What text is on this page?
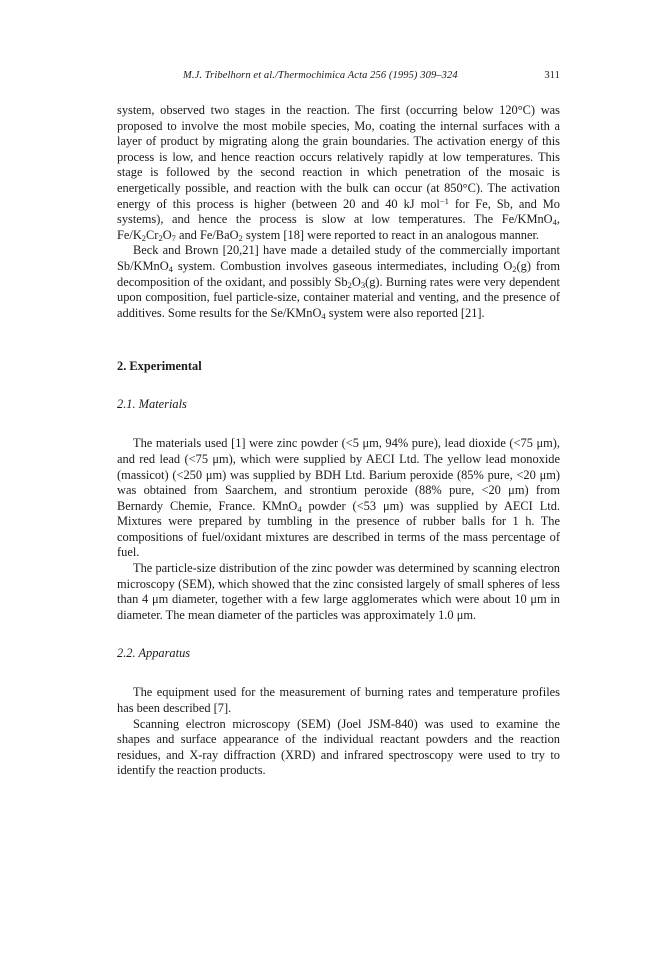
M.J. Tribelhorn et al./Thermochimica Acta 256 (1995) 309–324	311

system, observed two stages in the reaction. The first (occurring below 120°C) was proposed to involve the most mobile species, Mo, coating the internal surfaces with a layer of product by migrating along the grain boundaries. The activation energy of this process is low, and hence reaction occurs relatively rapidly at low temperatures. This stage is followed by the second reaction in which penetration of the mosaic is energetically possible, and reaction with the bulk can occur (at 850°C). The activation energy of this process is higher (between 20 and 40 kJ mol$^{-1}$ for Fe, Sb, and Mo systems), and hence the process is slow at low temperatures. The Fe/KMnO$_4$, $Fe/K_2Cr_2O_7$ and Fe/BaO$_2$ system [18] were reported to react in an analogous manner.

Beck and Brown [20,21] have made a detailed study of the commercially important Sb/KMnO$_4$ system. Combustion involves gaseous intermediates, including $O_2(g)$ from decomposition of the oxidant, and possibly $Sb_2O_3(g)$. Burning rates were very dependent upon composition, fuel particle-size, container material and venting, and the presence of additives. Some results for the Se/KMnO$_4$ system were also reported [21].

2. Experimental
2.1. Materials

The materials used [1] were zinc powder (<5 μm, 94% pure), lead dioxide (<75 μm), and red lead (<75 μm), which were supplied by AECI Ltd. The yellow lead monoxide (massicot) (<250 μm) was supplied by BDH Ltd. Barium peroxide (85% pure, <20 μm) was obtained from Saarchem, and strontium peroxide (88% pure, <20 μm) from Bernardy Chemie, France. KMnO$_4$ powder (<53 μm) was supplied by AECI Ltd. Mixtures were prepared by tumbling in the presence of rubber balls for 1 h. The compositions of fuel/oxidant mixtures are described in terms of the mass percentage of fuel.

The particle-size distribution of the zinc powder was determined by scanning electron microscopy (SEM), which showed that the zinc consisted largely of small spheres of less than 4 μm diameter, together with a few large agglomerates which were about 10 μm in diameter. The mean diameter of the particles was approximately 1.0 μm.

2.2. Apparatus

The equipment used for the measurement of burning rates and temperature profiles has been described [7].

Scanning electron microscopy (SEM) (Joel JSM-840) was used to examine the shapes and surface appearance of the individual reactant powders and the reaction residues, and X-ray diffraction (XRD) and infrared spectroscopy were used to try to identify the reaction products.
